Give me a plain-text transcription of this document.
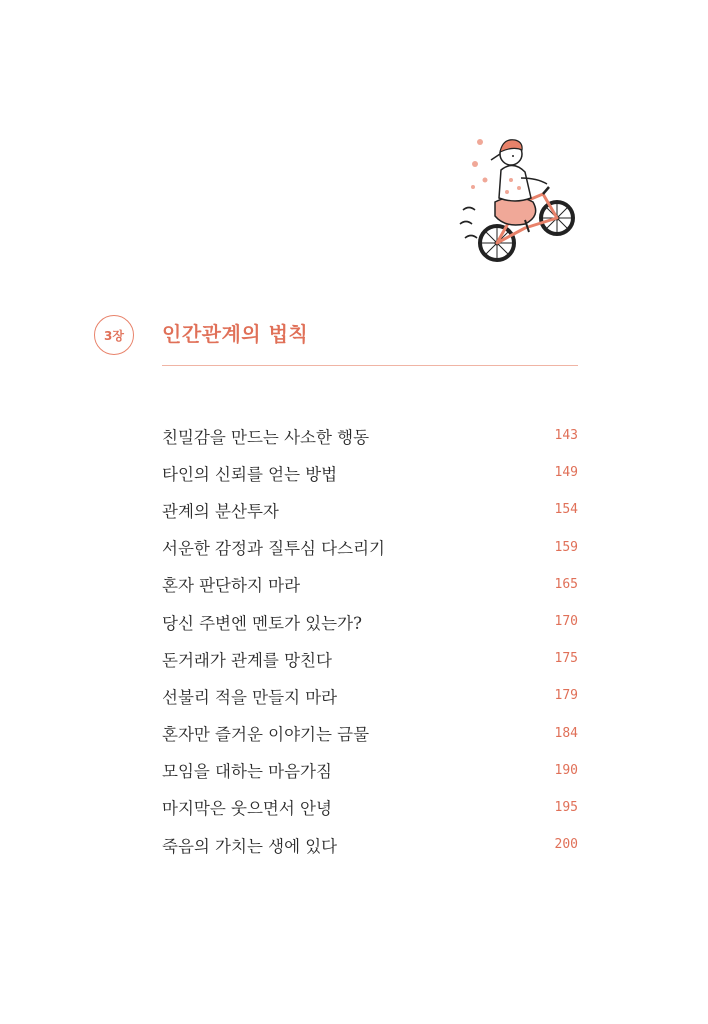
3장	인간관계의 법칙
친밀감을 만드는 사소한 행동	143
타인의 신뢰를 얻는 방법	149
관계의 분산투자	154
서운한 감정과 질투심 다스리기	159
혼자 판단하지 마라	165
당신 주변엔 멘토가 있는가?	170
돈거래가 관계를 망친다	175
선불리 적을 만들지 마라	179
혼자만 즐거운 이야기는 금물	184
모임을 대하는 마음가짐	190
마지막은 웃으면서 안녕	195
죽음의 가치는 생에 있다	200
